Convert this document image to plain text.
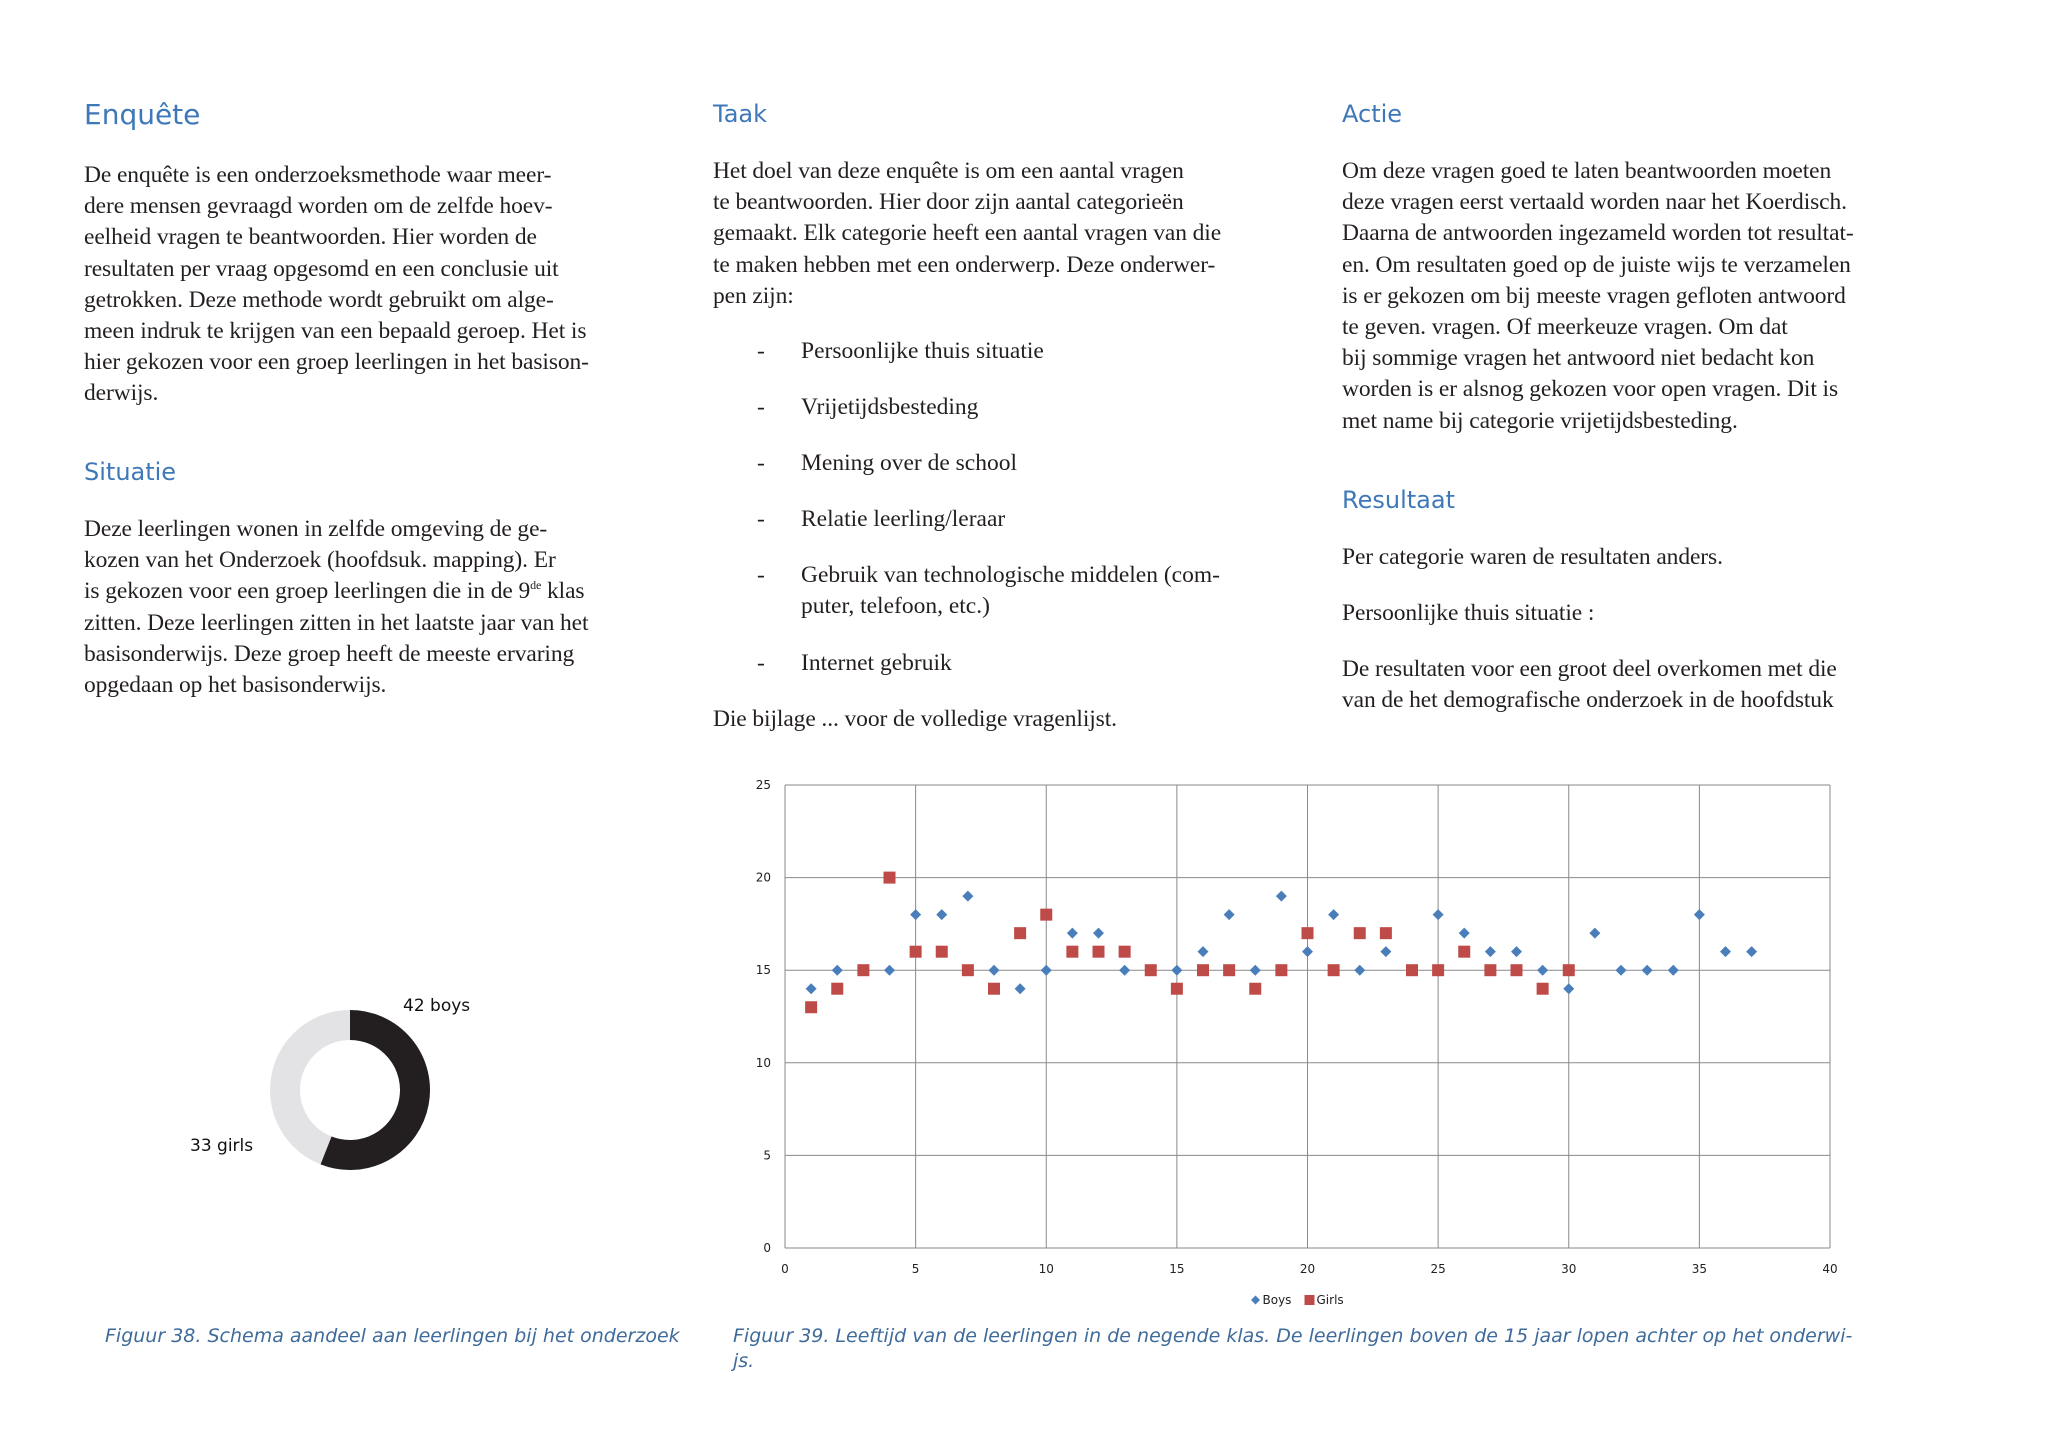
Enquête
De enquête is een onderzoeksmethode waar meer-
dere mensen gevraagd worden om de zelfde hoev-
eelheid vragen te beantwoorden. Hier worden de
resultaten per vraag opgesomd en een conclusie uit
getrokken. Deze methode wordt gebruikt om alge-
meen indruk te krijgen van een bepaald geroep. Het is
hier gekozen voor een groep leerlingen in het basison-
derwijs.
Situatie
Deze leerlingen wonen in zelfde omgeving de ge-
kozen van het Onderzoek (hoofdsuk. mapping). Er
is gekozen voor een groep leerlingen die in de 9de klas
zitten. Deze leerlingen zitten in het laatste jaar van het
basisonderwijs. Deze groep heeft de meeste ervaring
opgedaan op het basisonderwijs.
Taak
Het doel van deze enquête is om een aantal vragen
te beantwoorden. Hier door zijn aantal categorieën
gemaakt. Elk categorie heeft een aantal vragen van die
te maken hebben met een onderwerp. Deze onderwer-
pen zijn:
- Persoonlijke thuis situatie
- Vrijetijdsbesteding
- Mening over de school
- Relatie leerling/leraar
- Gebruik van technologische middelen (com-
puter, telefoon, etc.)
- Internet gebruik
Die bijlage ... voor de volledige vragenlijst.
Actie
Om deze vragen goed te laten beantwoorden moeten
deze vragen eerst vertaald worden naar het Koerdisch.
Daarna de antwoorden ingezameld worden tot resultat-
en. Om resultaten goed op de juiste wijs te verzamelen
is er gekozen om bij meeste vragen gefloten antwoord
te geven. vragen. Of meerkeuze vragen. Om dat
bij sommige vragen het antwoord niet bedacht kon
worden is er alsnog gekozen voor open vragen. Dit is
met name bij categorie vrijetijdsbesteding.
Resultaat
Per categorie waren de resultaten anders.
Persoonlijke thuis situatie :
De resultaten voor een groot deel overkomen met die
van de het demografische onderzoek in de hoofdstuk
42 boys
33 girls
0	5	10	15	20	25	30	35	40
0
5
10
15
20
25
Boys Girls
Figuur 38. Schema aandeel aan leerlingen bij het onderzoek	Figuur 39. Leeftijd van de leerlingen in de negende klas. De leerlingen boven de 15 jaar lopen achter op het onderwi-
js.
